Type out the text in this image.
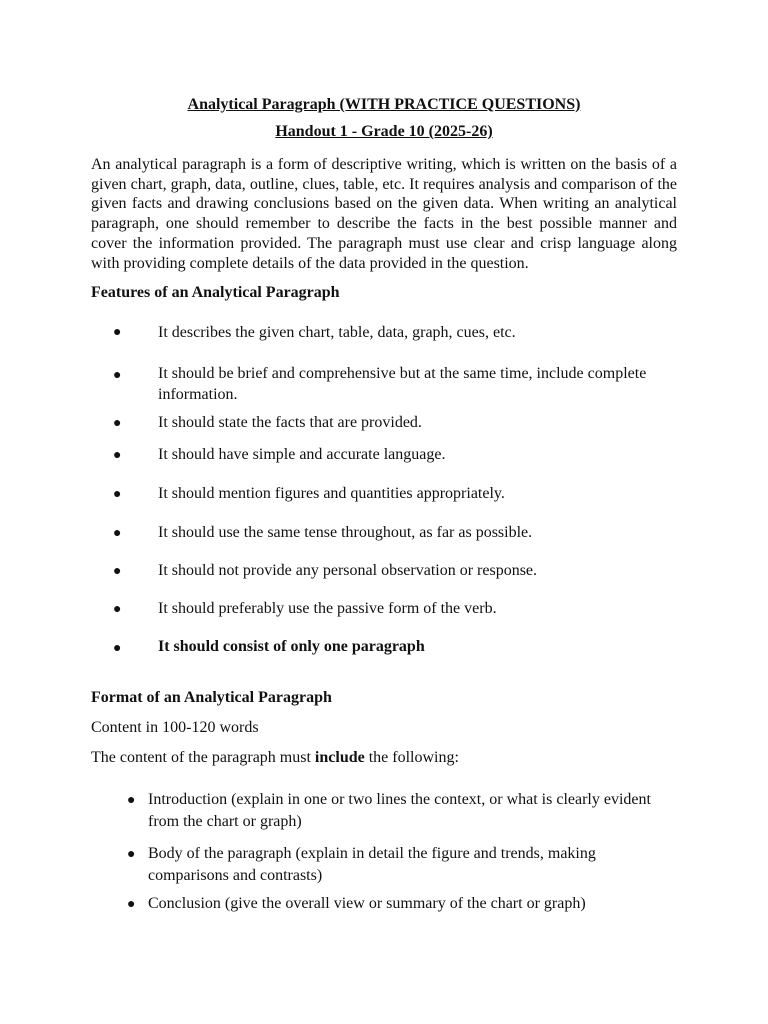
Analytical Paragraph (WITH PRACTICE QUESTIONS)
Handout 1 - Grade 10 (2025-26)

An analytical paragraph is a form of descriptive writing, which is written on the basis of a given chart, graph, data, outline, clues, table, etc. It requires analysis and comparison of the given facts and drawing conclusions based on the given data. When writing an analytical paragraph, one should remember to describe the facts in the best possible manner and cover the information provided. The paragraph must use clear and crisp language along with providing complete details of the data provided in the question.

Features of an Analytical Paragraph

● It describes the given chart, table, data, graph, cues, etc.
● It should be brief and comprehensive but at the same time, include complete information.
● It should state the facts that are provided.
● It should have simple and accurate language.
● It should mention figures and quantities appropriately.
● It should use the same tense throughout, as far as possible.
● It should not provide any personal observation or response.
● It should preferably use the passive form of the verb.
● It should consist of only one paragraph

Format of an Analytical Paragraph

Content in 100-120 words

The content of the paragraph must include the following:

● Introduction (explain in one or two lines the context, or what is clearly evident from the chart or graph)
● Body of the paragraph (explain in detail the figure and trends, making comparisons and contrasts)
● Conclusion (give the overall view or summary of the chart or graph)
